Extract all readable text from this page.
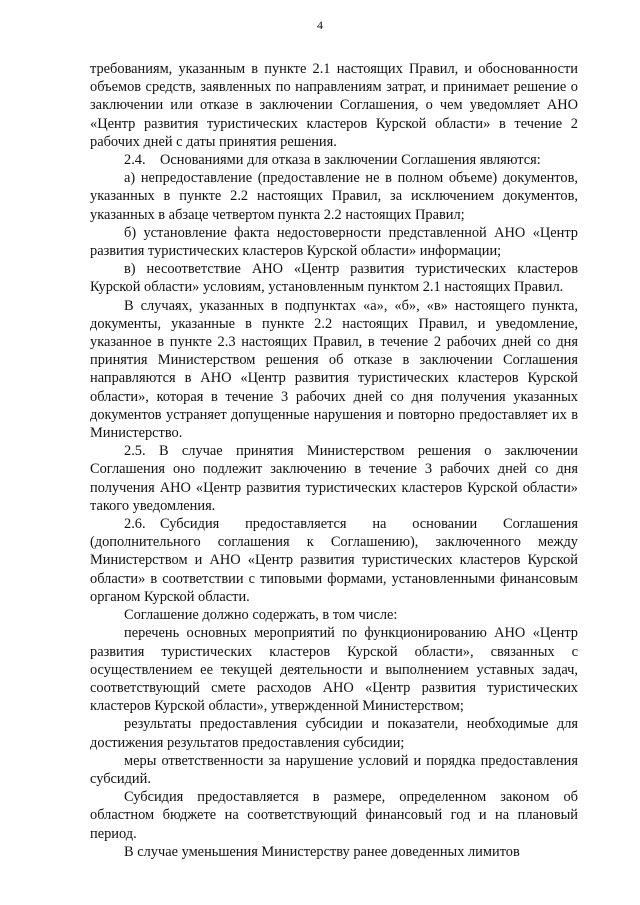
4

требованиям, указанным в пункте 2.1 настоящих Правил, и обоснованности объемов средств, заявленных по направлениям затрат, и принимает решение о заключении или отказе в заключении Соглашения, о чем уведомляет АНО «Центр развития туристических кластеров Курской области» в течение 2 рабочих дней с даты принятия решения.

2.4. Основаниями для отказа в заключении Соглашения являются:

а) непредоставление (предоставление не в полном объеме) документов, указанных в пункте 2.2 настоящих Правил, за исключением документов, указанных в абзаце четвертом пункта 2.2 настоящих Правил;

б) установление факта недостоверности представленной АНО «Центр развития туристических кластеров Курской области» информации;

в) несоответствие АНО «Центр развития туристических кластеров Курской области» условиям, установленным пунктом 2.1 настоящих Правил.

В случаях, указанных в подпунктах «а», «б», «в» настоящего пункта, документы, указанные в пункте 2.2 настоящих Правил, и уведомление, указанное в пункте 2.3 настоящих Правил, в течение 2 рабочих дней со дня принятия Министерством решения об отказе в заключении Соглашения направляются в АНО «Центр развития туристических кластеров Курской области», которая в течение 3 рабочих дней со дня получения указанных документов устраняет допущенные нарушения и повторно предоставляет их в Министерство.

2.5. В случае принятия Министерством решения о заключении Соглашения оно подлежит заключению в течение 3 рабочих дней со дня получения АНО «Центр развития туристических кластеров Курской области» такого уведомления.

2.6. Субсидия предоставляется на основании Соглашения (дополнительного соглашения к Соглашению), заключенного между Министерством и АНО «Центр развития туристических кластеров Курской области» в соответствии с типовыми формами, установленными финансовым органом Курской области.

Соглашение должно содержать, в том числе:

перечень основных мероприятий по функционированию АНО «Центр развития туристических кластеров Курской области», связанных с осуществлением ее текущей деятельности и выполнением уставных задач, соответствующий смете расходов АНО «Центр развития туристических кластеров Курской области», утвержденной Министерством;

результаты предоставления субсидии и показатели, необходимые для достижения результатов предоставления субсидии;

меры ответственности за нарушение условий и порядка предоставления субсидий.

Субсидия предоставляется в размере, определенном законом об областном бюджете на соответствующий финансовый год и на плановый период.

В случае уменьшения Министерству ранее доведенных лимитов
